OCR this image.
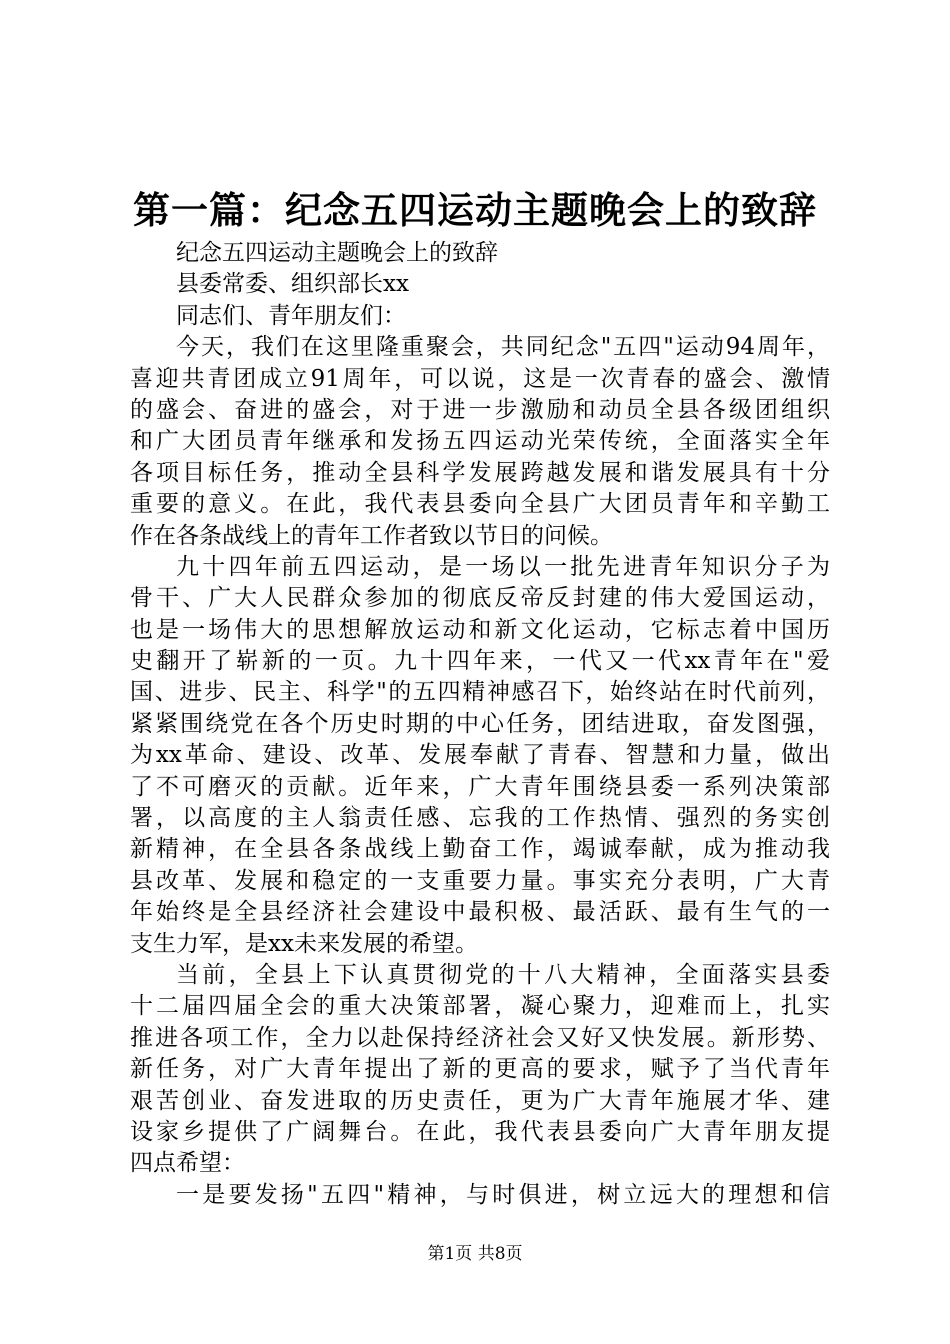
第一篇：纪念五四运动主题晚会上的致辞
纪念五四运动主题晚会上的致辞
县委常委、组织部长xx
同志们、青年朋友们：
今天，我们在这里隆重聚会，共同纪念"五四"运动94周年，
喜迎共青团成立91周年，可以说，这是一次青春的盛会、激情
的盛会、奋进的盛会，对于进一步激励和动员全县各级团组织
和广大团员青年继承和发扬五四运动光荣传统，全面落实全年
各项目标任务，推动全县科学发展跨越发展和谐发展具有十分
重要的意义。在此，我代表县委向全县广大团员青年和辛勤工
作在各条战线上的青年工作者致以节日的问候。
九十四年前五四运动，是一场以一批先进青年知识分子为
骨干、广大人民群众参加的彻底反帝反封建的伟大爱国运动，
也是一场伟大的思想解放运动和新文化运动，它标志着中国历
史翻开了崭新的一页。九十四年来，一代又一代xx青年在"爱
国、进步、民主、科学"的五四精神感召下，始终站在时代前列，
紧紧围绕党在各个历史时期的中心任务，团结进取，奋发图强，
为xx革命、建设、改革、发展奉献了青春、智慧和力量，做出
了不可磨灭的贡献。近年来，广大青年围绕县委一系列决策部
署，以高度的主人翁责任感、忘我的工作热情、强烈的务实创
新精神，在全县各条战线上勤奋工作，竭诚奉献，成为推动我
县改革、发展和稳定的一支重要力量。事实充分表明，广大青
年始终是全县经济社会建设中最积极、最活跃、最有生气的一
支生力军，是xx未来发展的希望。
当前，全县上下认真贯彻党的十八大精神，全面落实县委
十二届四届全会的重大决策部署，凝心聚力，迎难而上，扎实
推进各项工作，全力以赴保持经济社会又好又快发展。新形势、
新任务，对广大青年提出了新的更高的要求，赋予了当代青年
艰苦创业、奋发进取的历史责任，更为广大青年施展才华、建
设家乡提供了广阔舞台。在此，我代表县委向广大青年朋友提
四点希望：
一是要发扬"五四"精神，与时俱进，树立远大的理想和信
第1页 共8页
